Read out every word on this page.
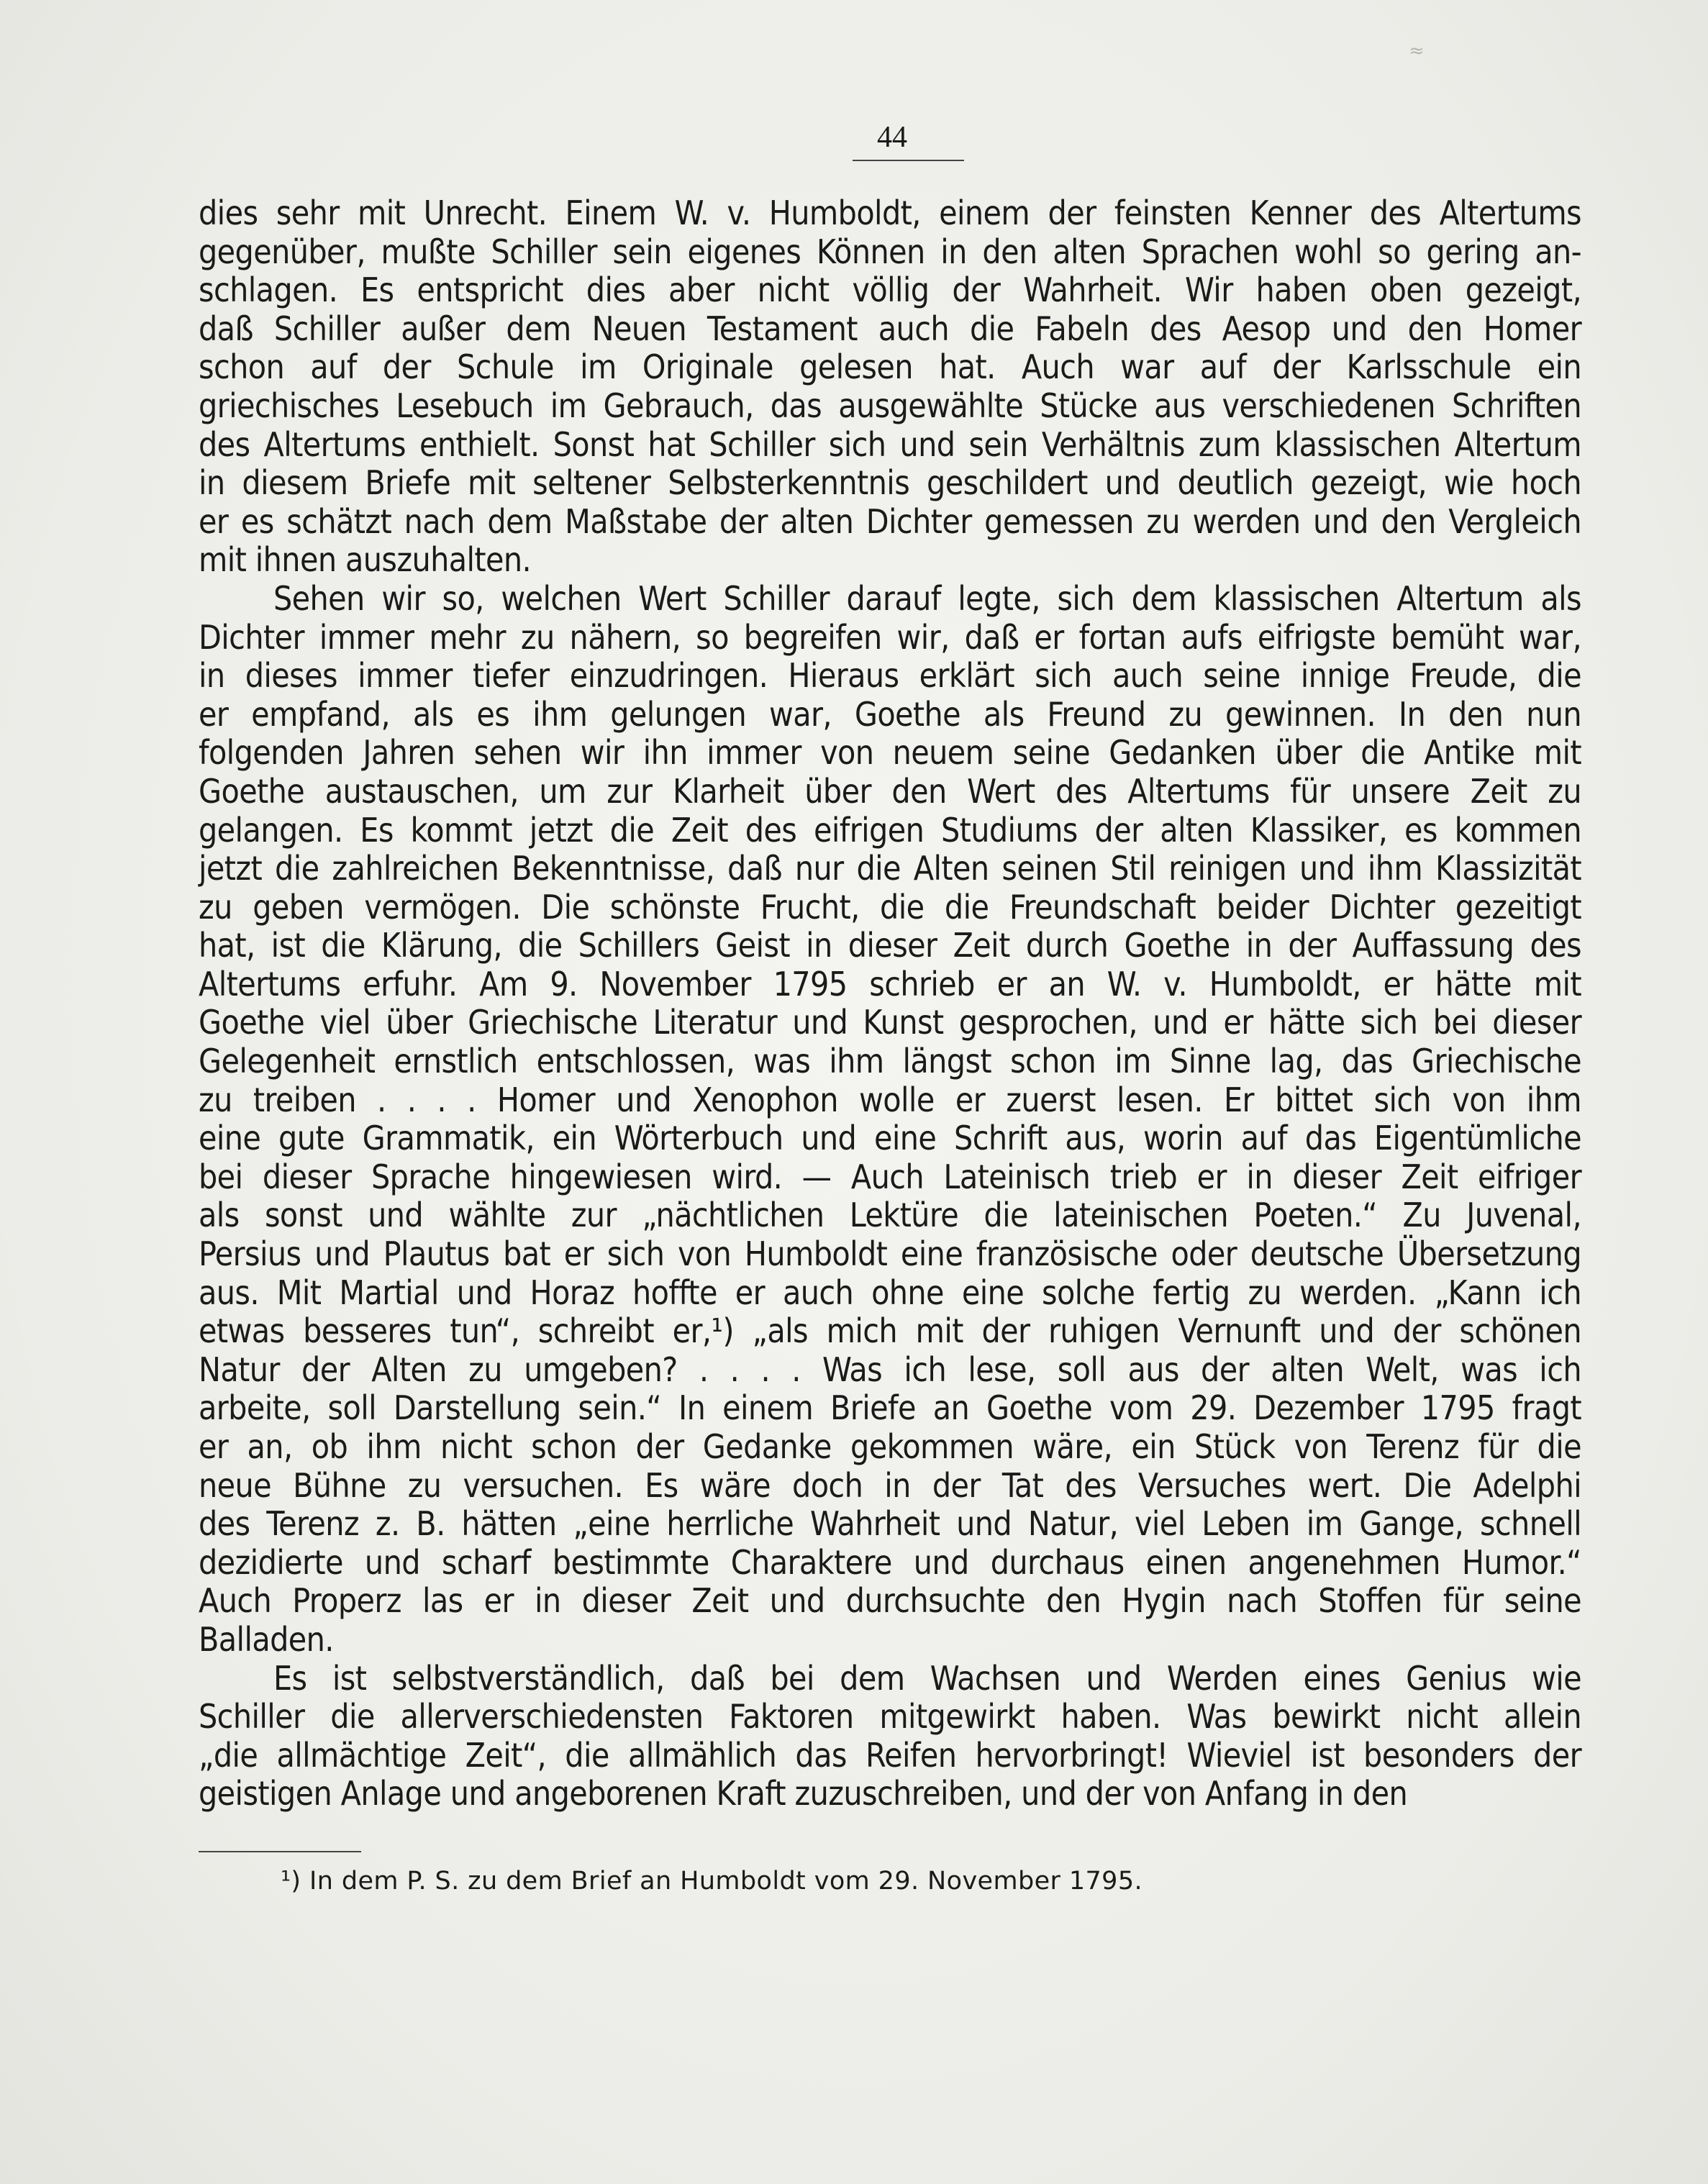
≈
44
dies sehr mit Unrecht. Einem W. v. Humboldt, einem der feinsten Kenner des Altertums
gegenüber, mußte Schiller sein eigenes Können in den alten Sprachen wohl so gering an-
schlagen. Es entspricht dies aber nicht völlig der Wahrheit. Wir haben oben gezeigt,
daß Schiller außer dem Neuen Testament auch die Fabeln des Aesop und den Homer
schon auf der Schule im Originale gelesen hat. Auch war auf der Karlsschule ein
griechisches Lesebuch im Gebrauch, das ausgewählte Stücke aus verschiedenen Schriften
des Altertums enthielt. Sonst hat Schiller sich und sein Verhältnis zum klassischen Altertum
in diesem Briefe mit seltener Selbsterkenntnis geschildert und deutlich gezeigt, wie hoch
er es schätzt nach dem Maßstabe der alten Dichter gemessen zu werden und den Vergleich
mit ihnen auszuhalten.
Sehen wir so, welchen Wert Schiller darauf legte, sich dem klassischen Altertum als
Dichter immer mehr zu nähern, so begreifen wir, daß er fortan aufs eifrigste bemüht war,
in dieses immer tiefer einzudringen. Hieraus erklärt sich auch seine innige Freude, die
er empfand, als es ihm gelungen war, Goethe als Freund zu gewinnen. In den nun
folgenden Jahren sehen wir ihn immer von neuem seine Gedanken über die Antike mit
Goethe austauschen, um zur Klarheit über den Wert des Altertums für unsere Zeit zu
gelangen. Es kommt jetzt die Zeit des eifrigen Studiums der alten Klassiker, es kommen
jetzt die zahlreichen Bekenntnisse, daß nur die Alten seinen Stil reinigen und ihm Klassizität
zu geben vermögen. Die schönste Frucht, die die Freundschaft beider Dichter gezeitigt
hat, ist die Klärung, die Schillers Geist in dieser Zeit durch Goethe in der Auffassung des
Altertums erfuhr. Am 9. November 1795 schrieb er an W. v. Humboldt, er hätte mit
Goethe viel über Griechische Literatur und Kunst gesprochen, und er hätte sich bei dieser
Gelegenheit ernstlich entschlossen, was ihm längst schon im Sinne lag, das Griechische
zu treiben . . . . Homer und Xenophon wolle er zuerst lesen. Er bittet sich von ihm
eine gute Grammatik, ein Wörterbuch und eine Schrift aus, worin auf das Eigentümliche
bei dieser Sprache hingewiesen wird. — Auch Lateinisch trieb er in dieser Zeit eifriger
als sonst und wählte zur „nächtlichen Lektüre die lateinischen Poeten.“ Zu Juvenal,
Persius und Plautus bat er sich von Humboldt eine französische oder deutsche Übersetzung
aus. Mit Martial und Horaz hoffte er auch ohne eine solche fertig zu werden. „Kann ich
etwas besseres tun“, schreibt er,¹) „als mich mit der ruhigen Vernunft und der schönen
Natur der Alten zu umgeben? . . . . Was ich lese, soll aus der alten Welt, was ich
arbeite, soll Darstellung sein.“ In einem Briefe an Goethe vom 29. Dezember 1795 fragt
er an, ob ihm nicht schon der Gedanke gekommen wäre, ein Stück von Terenz für die
neue Bühne zu versuchen. Es wäre doch in der Tat des Versuches wert. Die Adelphi
des Terenz z. B. hätten „eine herrliche Wahrheit und Natur, viel Leben im Gange, schnell
dezidierte und scharf bestimmte Charaktere und durchaus einen angenehmen Humor.“
Auch Properz las er in dieser Zeit und durchsuchte den Hygin nach Stoffen für seine
Balladen.
Es ist selbstverständlich, daß bei dem Wachsen und Werden eines Genius wie
Schiller die allerverschiedensten Faktoren mitgewirkt haben. Was bewirkt nicht allein
„die allmächtige Zeit“, die allmählich das Reifen hervorbringt! Wieviel ist besonders der
geistigen Anlage und angeborenen Kraft zuzuschreiben, und der von Anfang in den
¹) In dem P. S. zu dem Brief an Humboldt vom 29. November 1795.
